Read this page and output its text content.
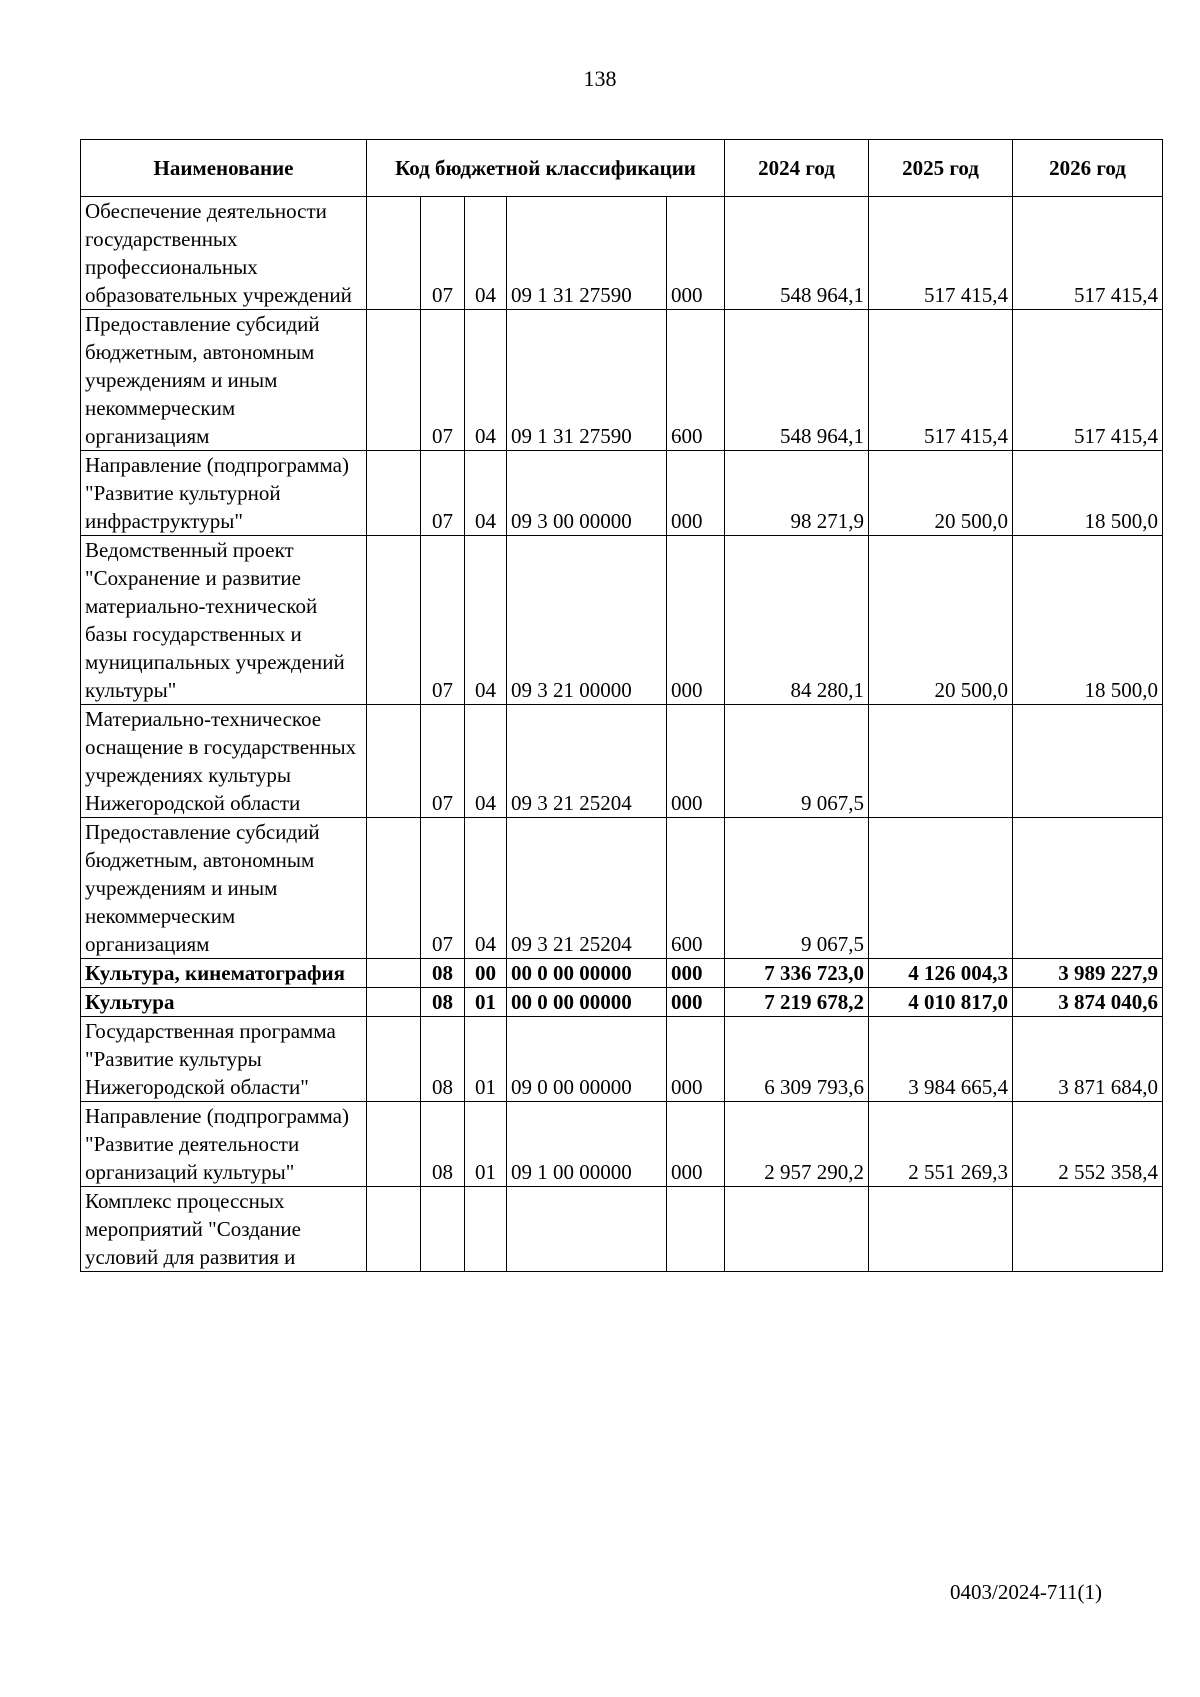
138
Наименование	Код бюджетной классификации					2024 год	2025 год	2026 год
Обеспечение деятельности государственных профессиональных образовательных учреждений		07	04	09 1 31 27590	000	548 964,1	517 415,4	517 415,4
Предоставление субсидий бюджетным, автономным учреждениям и иным некоммерческим организациям		07	04	09 1 31 27590	600	548 964,1	517 415,4	517 415,4
Направление (подпрограмма) "Развитие культурной инфраструктуры"		07	04	09 3 00 00000	000	98 271,9	20 500,0	18 500,0
Ведомственный проект "Сохранение и развитие материально-технической базы государственных и муниципальных учреждений культуры"		07	04	09 3 21 00000	000	84 280,1	20 500,0	18 500,0
Материально-техническое оснащение в государственных учреждениях культуры Нижегородской области		07	04	09 3 21 25204	000	9 067,5		
Предоставление субсидий бюджетным, автономным учреждениям и иным некоммерческим организациям		07	04	09 3 21 25204	600	9 067,5		
Культура, кинематография		08	00	00 0 00 00000	000	7 336 723,0	4 126 004,3	3 989 227,9
Культура		08	01	00 0 00 00000	000	7 219 678,2	4 010 817,0	3 874 040,6
Государственная программа "Развитие культуры Нижегородской области"		08	01	09 0 00 00000	000	6 309 793,6	3 984 665,4	3 871 684,0
Направление (подпрограмма) "Развитие деятельности организаций культуры"		08	01	09 1 00 00000	000	2 957 290,2	2 551 269,3	2 552 358,4
Комплекс процессных мероприятий "Создание условий для развития и								
0403/2024-711(1)
